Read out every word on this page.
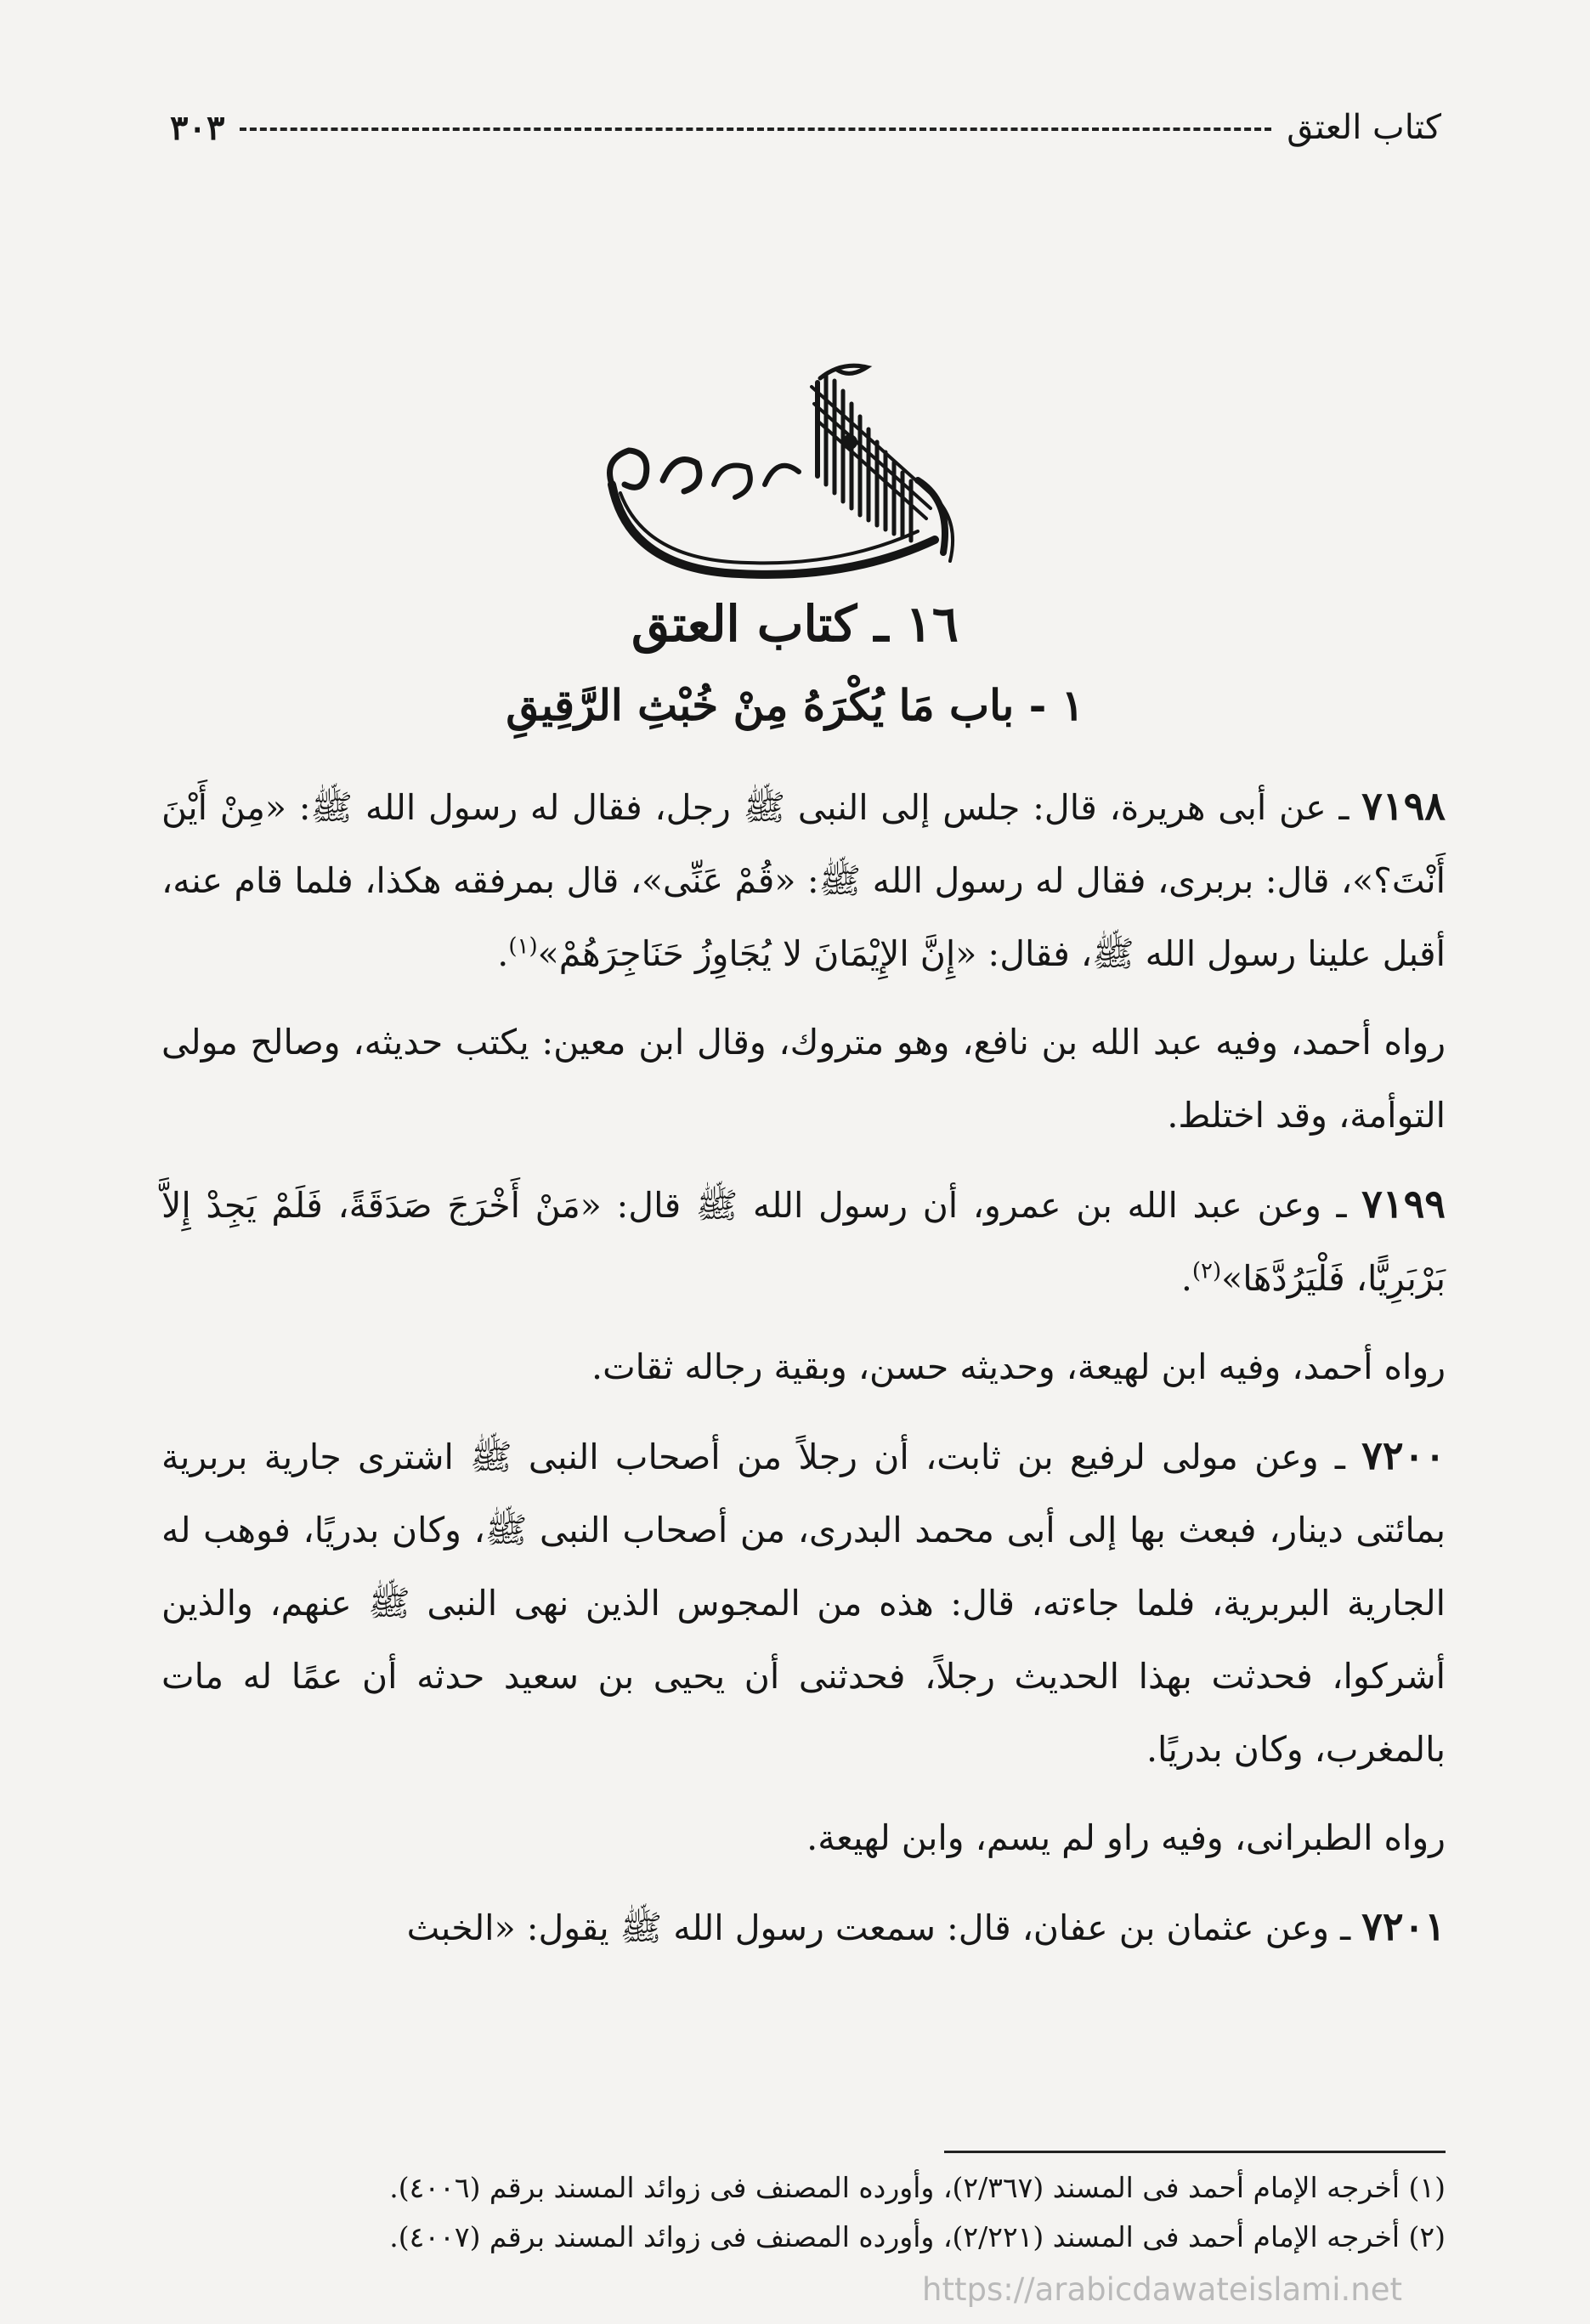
كتاب العتق
٣٠٣
١٦ ـ كتاب العتق
١ - باب مَا يُكْرَهُ مِنْ خُبْثِ الرَّقِيقِ

٧١٩٨ ـ عن أبى هريرة، قال: جلس إلى النبى ﷺ رجل، فقال له رسول الله ﷺ: «مِنْ أَيْنَ أَنْتَ؟»، قال: بربرى، فقال له رسول الله ﷺ: «قُمْ عَنِّى»، قال بمرفقه هكذا، فلما قام عنه، أقبل علينا رسول الله ﷺ، فقال: «إِنَّ الإِيْمَانَ لا يُجَاوِزُ حَنَاجِرَهُمْ»$^{(١)}$.

رواه أحمد، وفيه عبد الله بن نافع، وهو متروك، وقال ابن معين: يكتب حديثه، وصالح مولى التوأمة، وقد اختلط.

٧١٩٩ ـ وعن عبد الله بن عمرو، أن رسول الله ﷺ قال: «مَنْ أَخْرَجَ صَدَقَةً، فَلَمْ يَجِدْ إِلاَّ بَرْبَرِيًّا، فَلْيَرُدَّهَا»$^{(٢)}$.

رواه أحمد، وفيه ابن لهيعة، وحديثه حسن، وبقية رجاله ثقات.

٧٢٠٠ ـ وعن مولى لرفيع بن ثابت، أن رجلاً من أصحاب النبى ﷺ اشترى جارية بربرية بمائتى دينار، فبعث بها إلى أبى محمد البدرى، من أصحاب النبى ﷺ، وكان بدريًا، فوهب له الجارية البربرية، فلما جاءته، قال: هذه من المجوس الذين نهى النبى ﷺ عنهم، والذين أشركوا، فحدثت بهذا الحديث رجلاً، فحدثنى أن يحيى بن سعيد حدثه أن عمًا له مات بالمغرب، وكان بدريًا.

رواه الطبرانى، وفيه راو لم يسم، وابن لهيعة.

٧٢٠١ ـ وعن عثمان بن عفان، قال: سمعت رسول الله ﷺ يقول: «الخبث

(١) أخرجه الإمام أحمد فى المسند (٢/٣٦٧)، وأورده المصنف فى زوائد المسند برقم (٤٠٠٦).
(٢) أخرجه الإمام أحمد فى المسند (٢/٢٢١)، وأورده المصنف فى زوائد المسند برقم (٤٠٠٧).
https://arabicdawateislami.net
